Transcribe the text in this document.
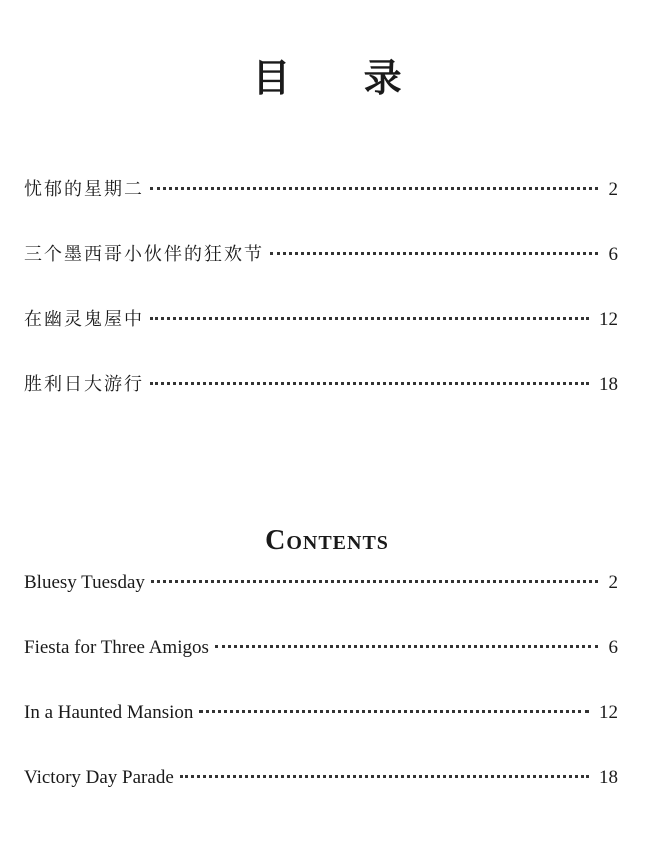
目 录
忧郁的星期二	2
三个墨西哥小伙伴的狂欢节	6
在幽灵鬼屋中	12
胜利日大游行	18
Contents
Bluesy Tuesday	2
Fiesta for Three Amigos	6
In a Haunted Mansion	12
Victory Day Parade	18
